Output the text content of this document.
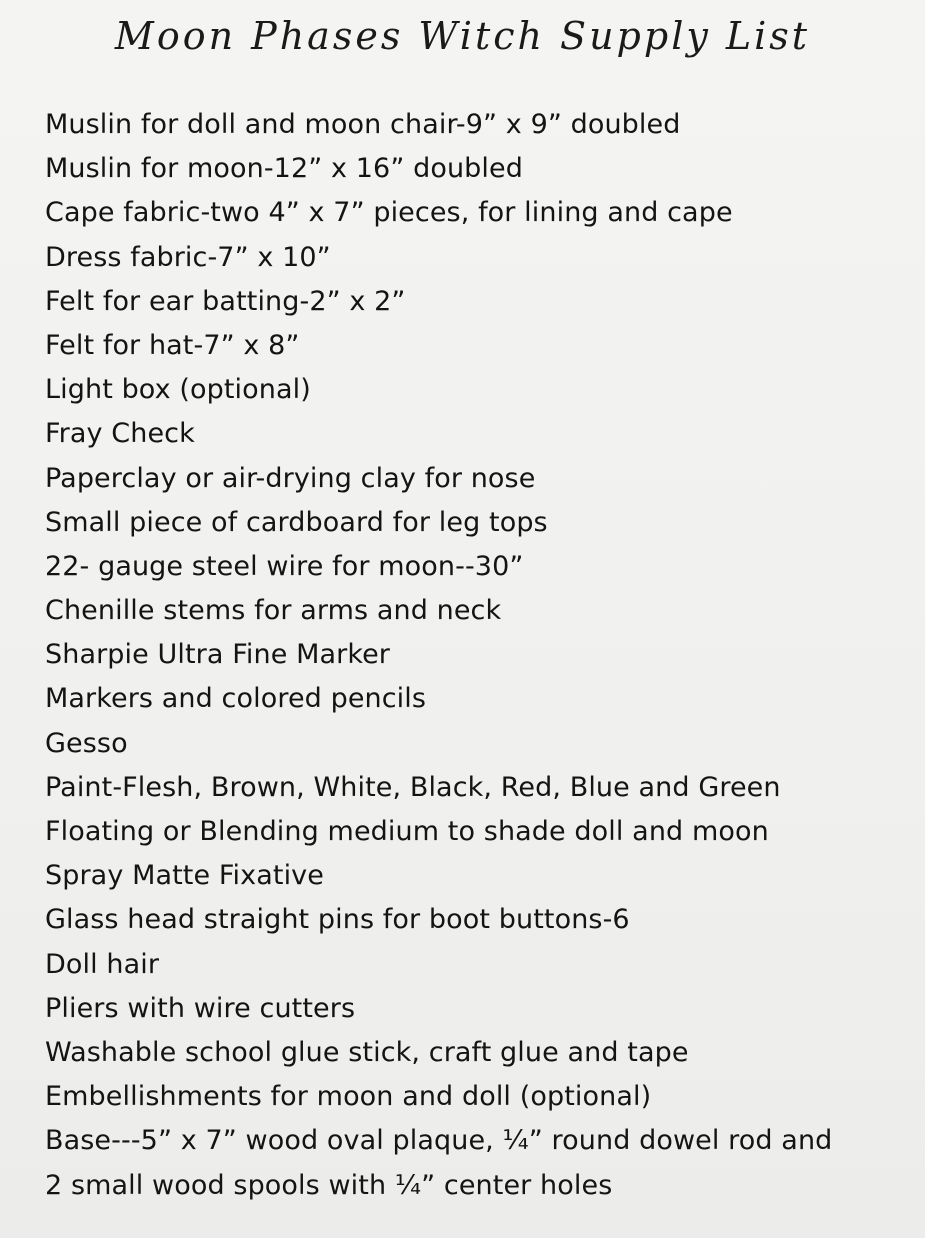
Moon Phases Witch Supply List
Muslin for doll and moon chair-9” x 9” doubled
Muslin for moon-12” x 16” doubled
Cape fabric-two 4” x 7” pieces, for lining and cape
Dress fabric-7” x 10”
Felt for ear batting-2” x 2”
Felt for hat-7” x 8”
Light box (optional)
Fray Check
Paperclay or air-drying clay for nose
Small piece of cardboard for leg tops
22- gauge steel wire for moon--30”
Chenille stems for arms and neck
Sharpie Ultra Fine Marker
Markers and colored pencils
Gesso
Paint-Flesh, Brown, White, Black, Red, Blue and Green
Floating or Blending medium to shade doll and moon
Spray Matte Fixative
Glass head straight pins for boot buttons-6
Doll hair
Pliers with wire cutters
Washable school glue stick, craft glue and tape
Embellishments for moon and doll (optional)
Base---5” x 7” wood oval plaque, ¼” round dowel rod and
2 small wood spools with ¼” center holes
